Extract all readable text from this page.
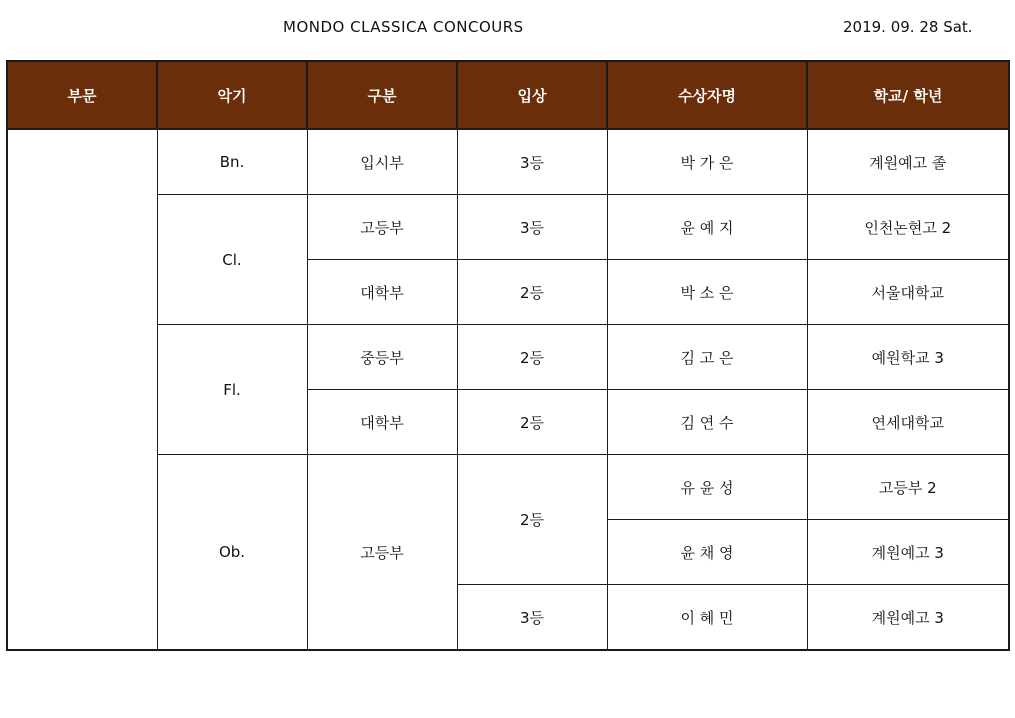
MONDO CLASSICA CONCOURS	2019. 09. 28 Sat.
부문	악기	구분	입상	수상자명	학교/ 학년
	Bn.	입시부	3등	박 가 은	계원예고 졸
	Cl.	고등부	3등	윤 예 지	인천논현고 2
		대학부	2등	박 소 은	서울대학교
	Fl.	중등부	2등	김 고 은	예원학교 3
		대학부	2등	김 연 수	연세대학교
	Ob.	고등부	2등	유 윤 성	고등부 2
				윤 채 영	계원예고 3
			3등	이 혜 민	계원예고 3
